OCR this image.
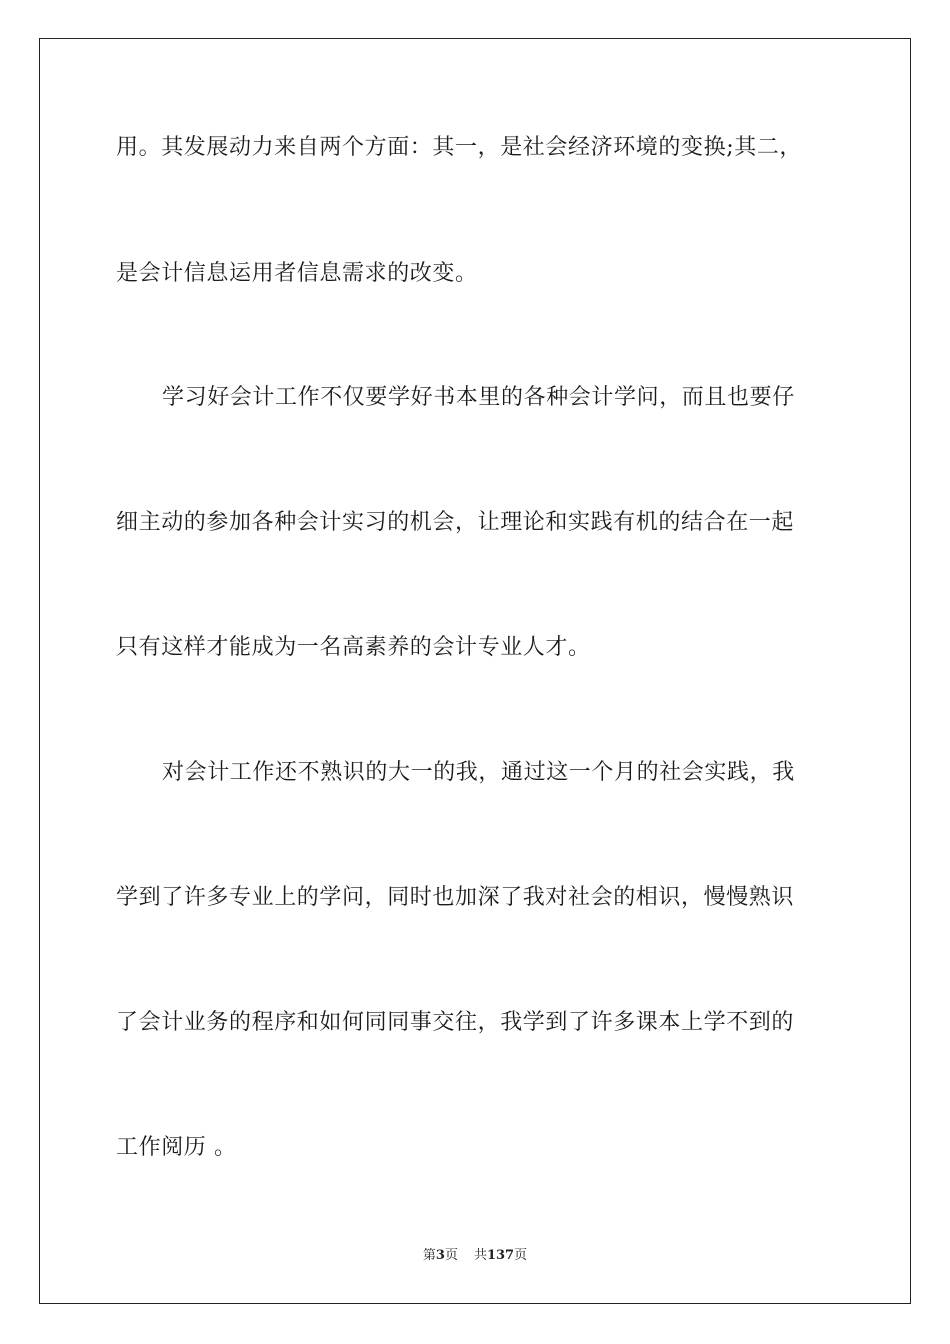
用。其发展动力来自两个方面：其一，是社会经济环境的变换;其二，
是会计信息运用者信息需求的改变。
学习好会计工作不仅要学好书本里的各种会计学问，而且也要仔
细主动的参加各种会计实习的机会，让理论和实践有机的结合在一起
只有这样才能成为一名高素养的会计专业人才。
对会计工作还不熟识的大一的我，通过这一个月的社会实践，我
学到了许多专业上的学问，同时也加深了我对社会的相识，慢慢熟识
了会计业务的程序和如何同同事交往，我学到了许多课本上学不到的
工作阅历 。
第3页 共137页
